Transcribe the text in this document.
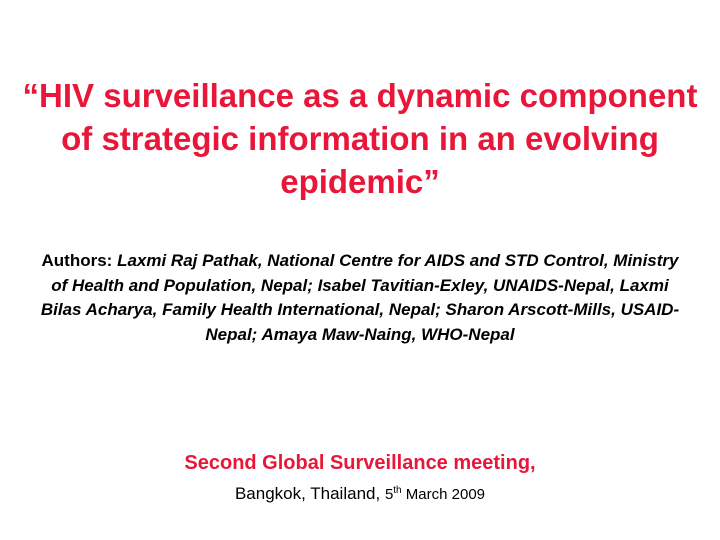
“HIV surveillance as a dynamic component of strategic information in an evolving epidemic”

Authors: Laxmi Raj Pathak, National Centre for AIDS and STD Control, Ministry of Health and Population, Nepal; Isabel Tavitian-Exley, UNAIDS-Nepal, Laxmi Bilas Acharya, Family Health International, Nepal; Sharon Arscott-Mills, USAID-Nepal; Amaya Maw-Naing, WHO-Nepal

Second Global Surveillance meeting,

Bangkok, Thailand, 5th March 2009
